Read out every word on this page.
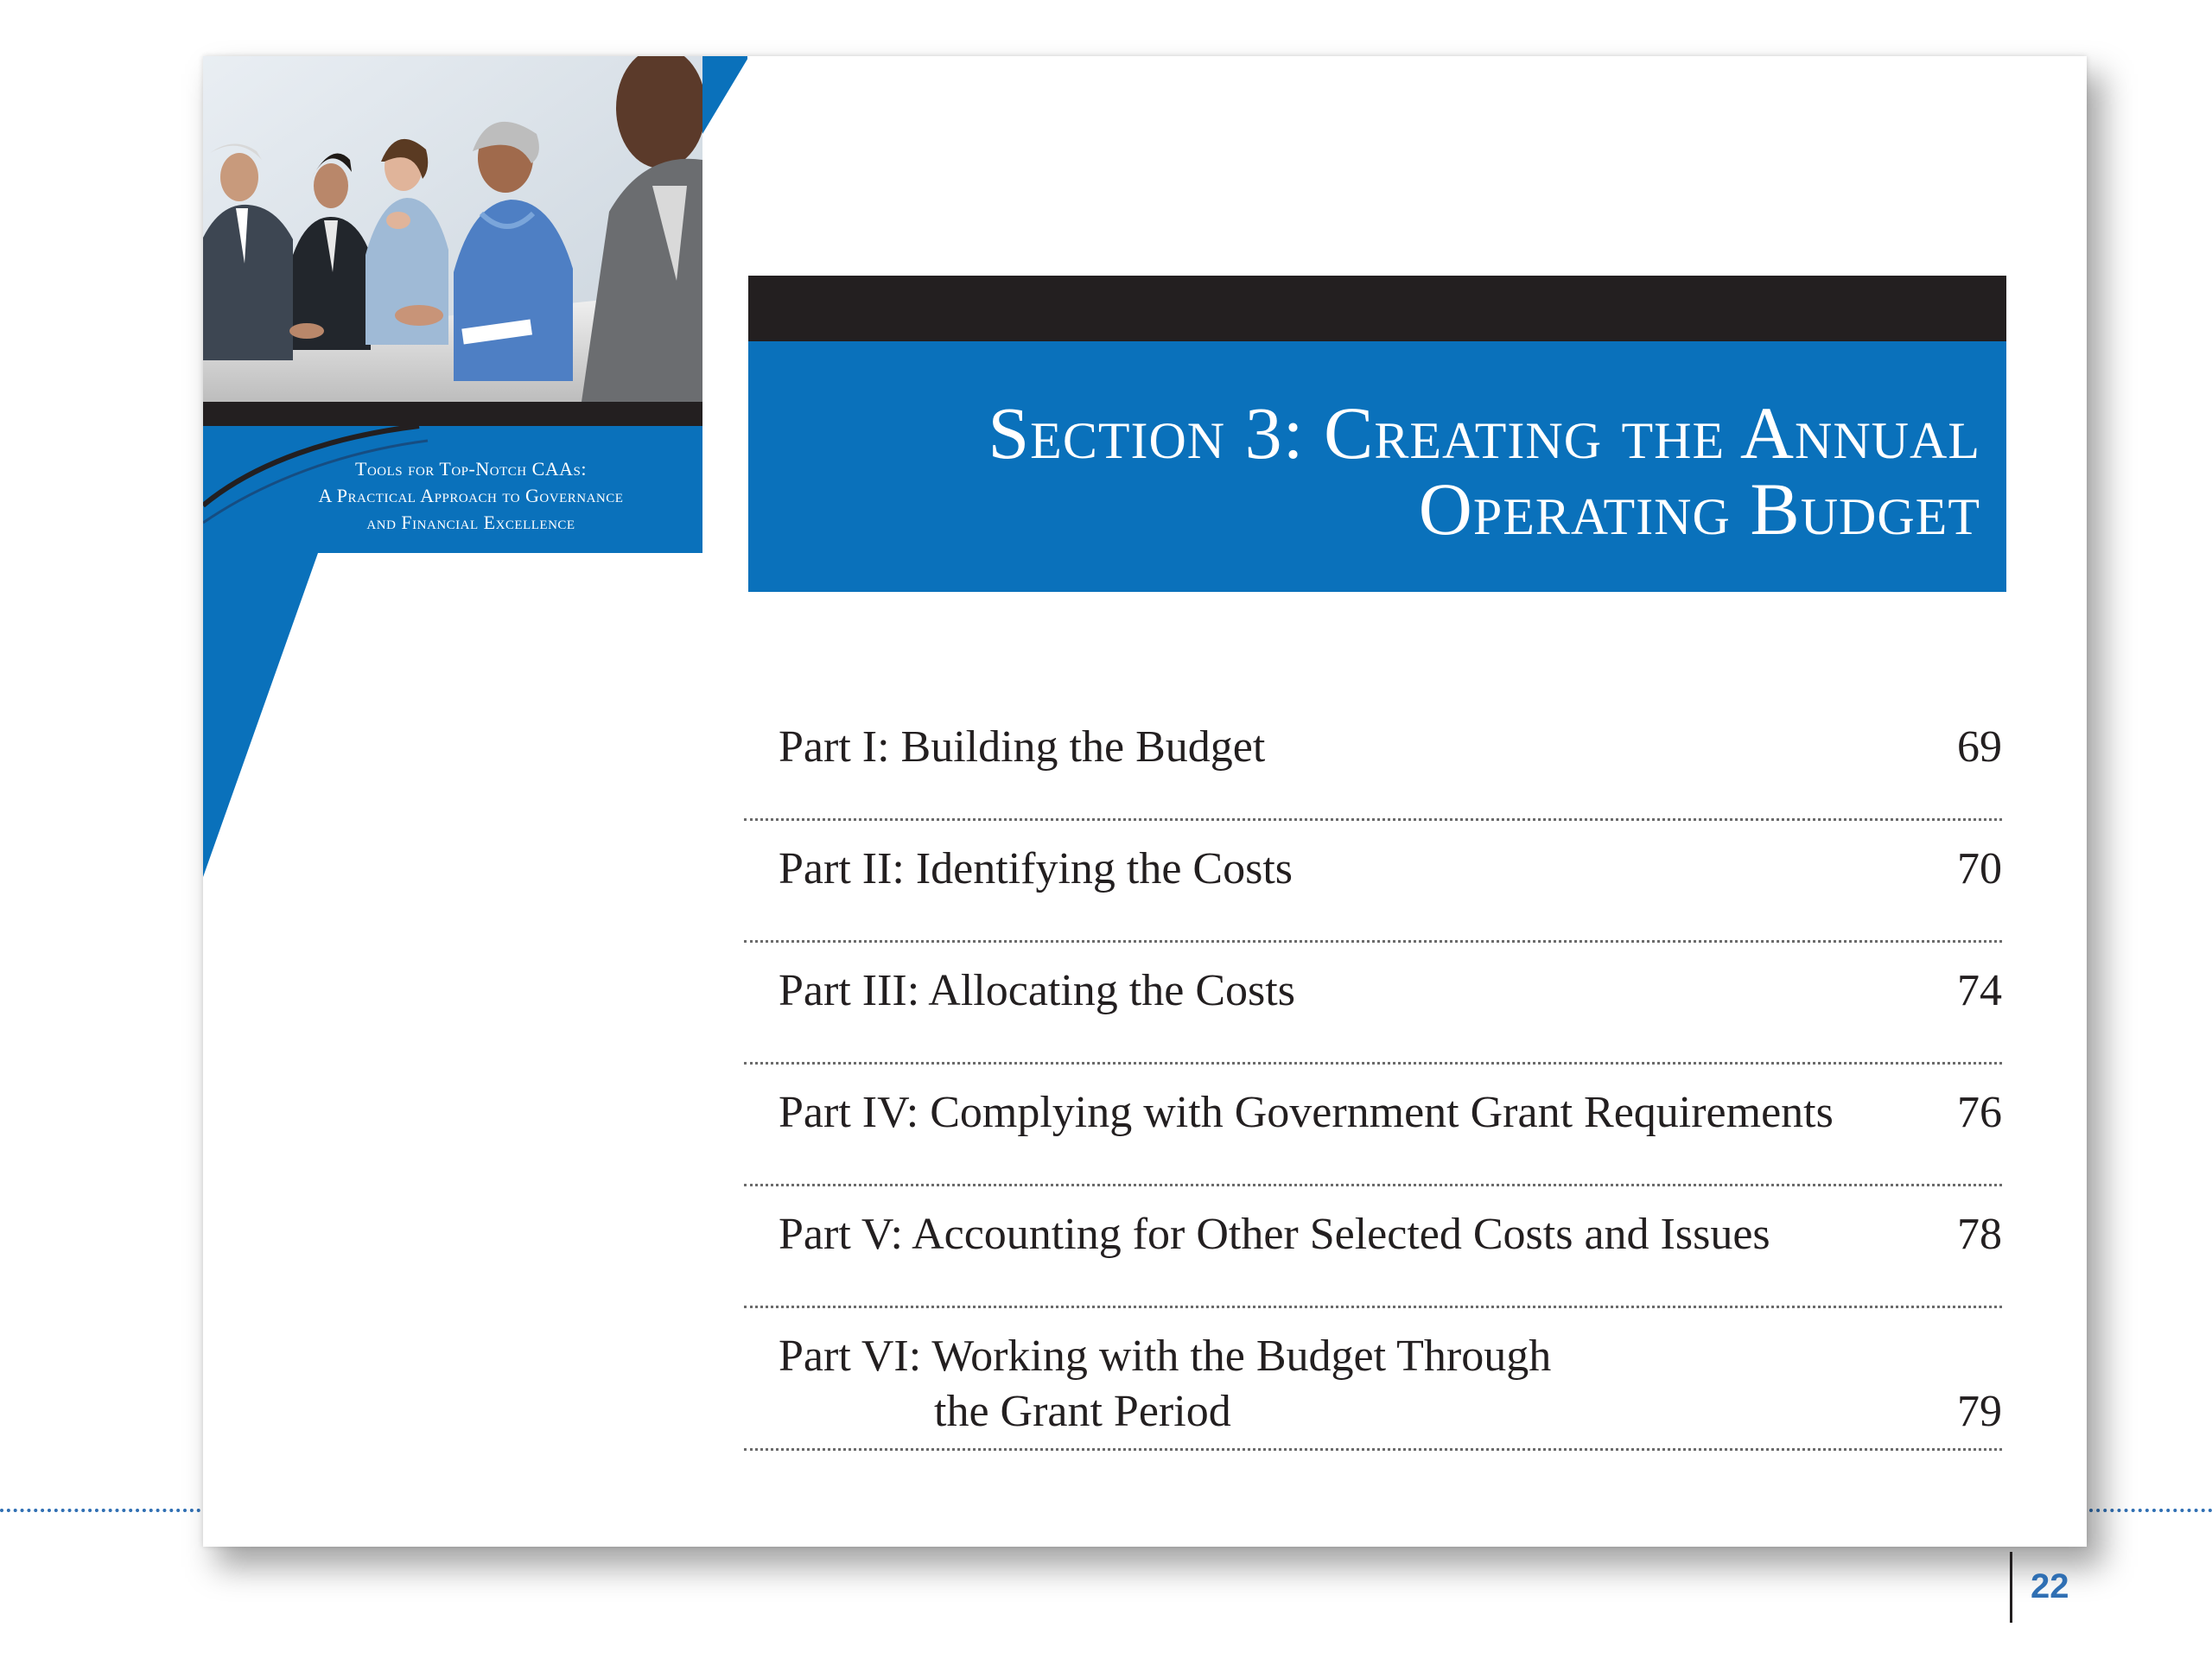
Tools for Top-Notch CAAs:
A Practical Approach to Governance
and Financial Excellence
Section 3: Creating the Annual
Operating Budget
Part I: Building the Budget	69
Part II: Identifying the Costs	70
Part III: Allocating the Costs	74
Part IV: Complying with Government Grant Requirements	76
Part V: Accounting for Other Selected Costs and Issues	78
Part VI: Working with the Budget Through
the Grant Period	79
22
